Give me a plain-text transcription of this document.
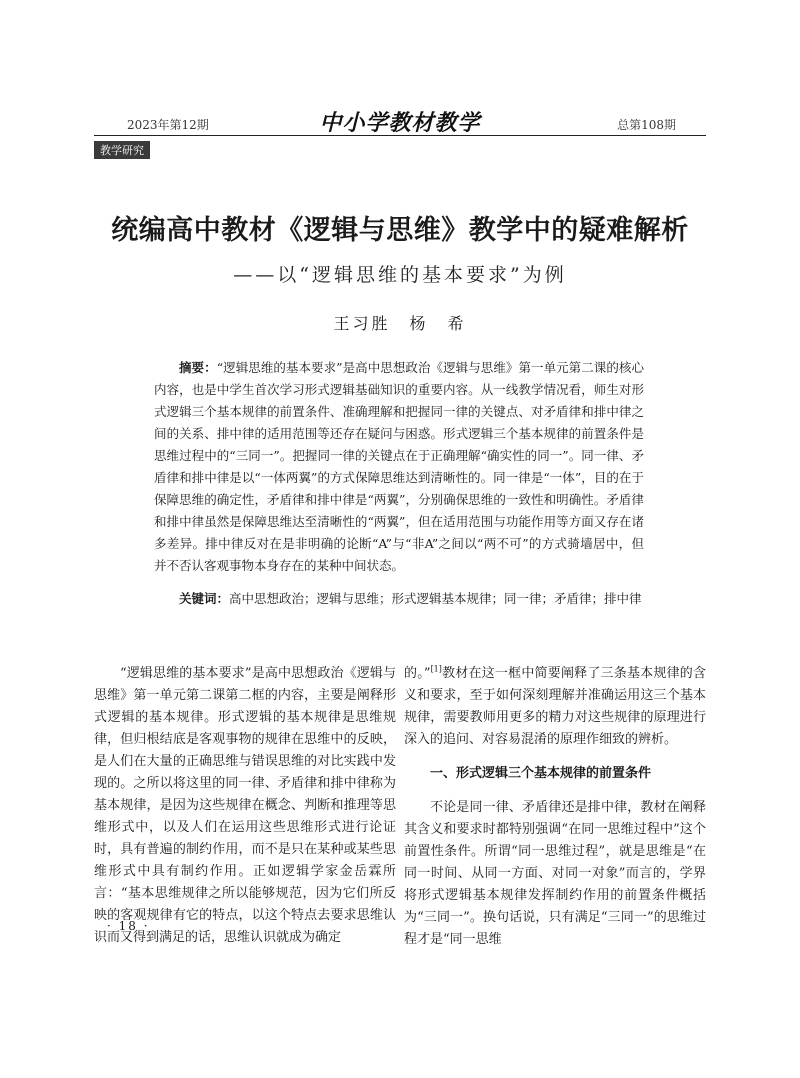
2023年第12期	中小学教材教学	总第108期
教学研究
统编高中教材《逻辑与思维》教学中的疑难解析

——以“逻辑思维的基本要求”为例

王习胜　杨　希

摘要：“逻辑思维的基本要求”是高中思想政治《逻辑与思维》第一单元第二课的核心内容，也是中学生首次学习形式逻辑基础知识的重要内容。从一线教学情况看，师生对形式逻辑三个基本规律的前置条件、准确理解和把握同一律的关键点、对矛盾律和排中律之间的关系、排中律的适用范围等还存在疑问与困惑。形式逻辑三个基本规律的前置条件是思维过程中的“三同一”。把握同一律的关键点在于正确理解“确实性的同一”。同一律、矛盾律和排中律是以“一体两翼”的方式保障思维达到清晰性的。同一律是“一体”，目的在于保障思维的确定性，矛盾律和排中律是“两翼”，分别确保思维的一致性和明确性。矛盾律和排中律虽然是保障思维达至清晰性的“两翼”，但在适用范围与功能作用等方面又存在诸多差异。排中律反对在是非明确的论断“A”与“非A”之间以“两不可”的方式骑墙居中，但并不否认客观事物本身存在的某种中间状态。

关键词：高中思想政治；逻辑与思维；形式逻辑基本规律；同一律；矛盾律；排中律

“逻辑思维的基本要求”是高中思想政治《逻辑与思维》第一单元第二课第二框的内容，主要是阐释形式逻辑的基本规律。形式逻辑的基本规律是思维规律，但归根结底是客观事物的规律在思维中的反映，是人们在大量的正确思维与错误思维的对比实践中发现的。之所以将这里的同一律、矛盾律和排中律称为基本规律，是因为这些规律在概念、判断和推理等思维形式中，以及人们在运用这些思维形式进行论证时，具有普遍的制约作用，而不是只在某种或某些思维形式中具有制约作用。正如逻辑学家金岳霖所言：“基本思维规律之所以能够规范，因为它们所反映的客观规律有它的特点，以这个特点去要求思维认识而又得到满足的话，思维认识就成为确定

的。”[1]教材在这一框中简要阐释了三条基本规律的含义和要求，至于如何深刻理解并准确运用这三个基本规律，需要教师用更多的精力对这些规律的原理进行深入的追问、对容易混淆的原理作细致的辨析。

一、形式逻辑三个基本规律的前置条件

不论是同一律、矛盾律还是排中律，教材在阐释其含义和要求时都特别强调“在同一思维过程中”这个前置性条件。所谓“同一思维过程”，就是思维是“在同一时间、从同一方面、对同一对象”而言的，学界将形式逻辑基本规律发挥制约作用的前置条件概括为“三同一”。换句话说，只有满足“三同一”的思维过程才是“同一思维

· 18 ·
